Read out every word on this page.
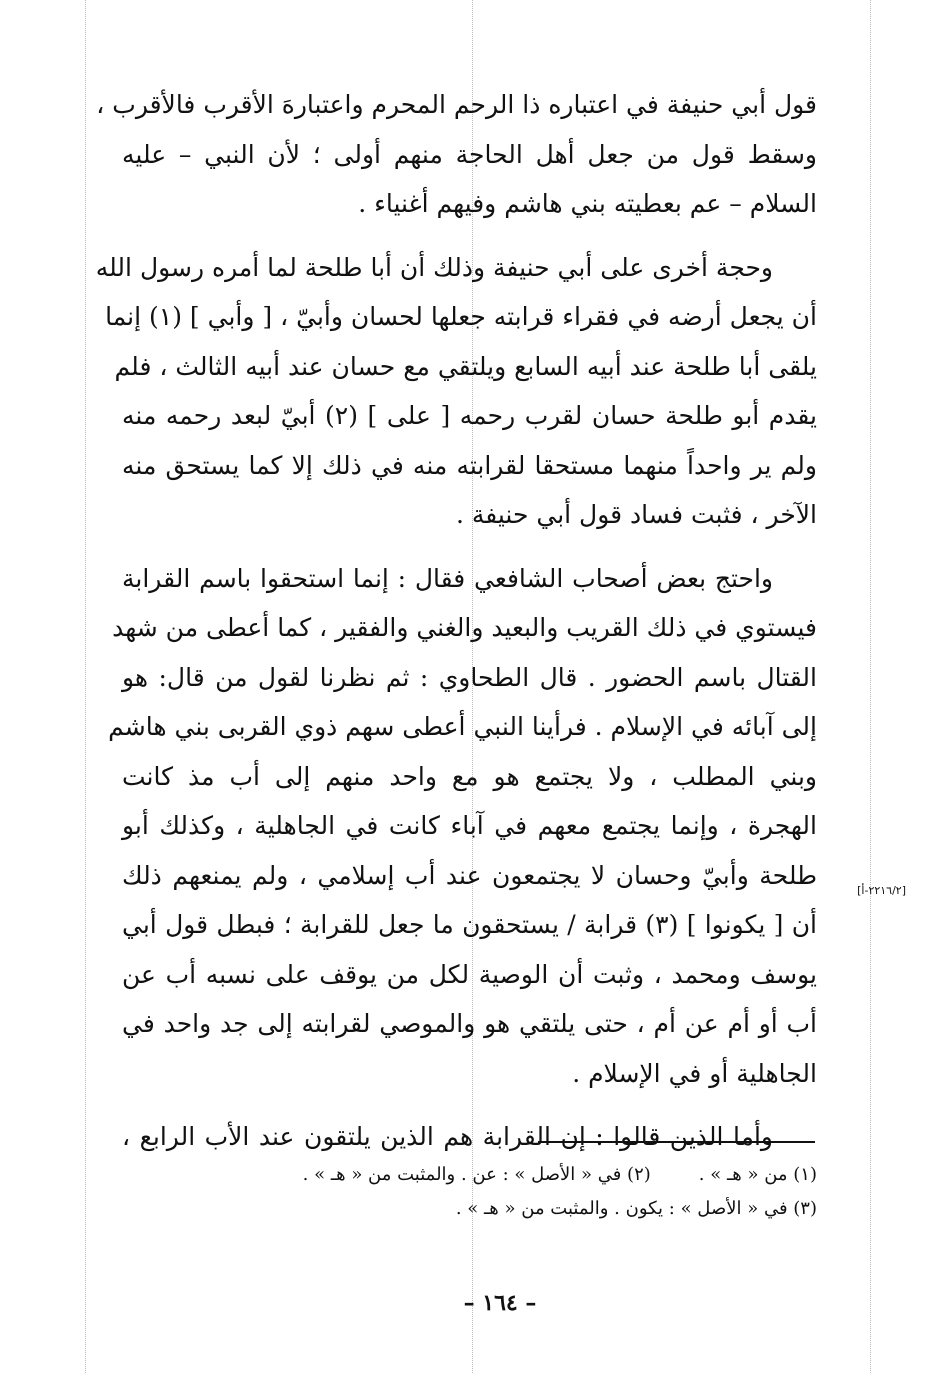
قول أبي حنيفة في اعتباره ذا الرحم المحرم واعتبارهَ الأقرب فالأقرب ،
وسقط قول من جعل أهل الحاجة منهم أولى ؛ لأن النبي – عليه
السلام – عم بعطيته بني هاشم وفيهم أغنياء .
وحجة أخرى على أبي حنيفة وذلك أن أبا طلحة لما أمره رسول الله
أن يجعل أرضه في فقراء قرابته جعلها لحسان وأبيّ ، [ وأبي ] (١) إنما
يلقى أبا طلحة عند أبيه السابع ويلتقي مع حسان عند أبيه الثالث ، فلم
يقدم أبو طلحة حسان لقرب رحمه [ على ] (٢) أبيّ لبعد رحمه منه
ولم ير واحداً منهما مستحقا لقرابته منه في ذلك إلا كما يستحق منه
الآخر ، فثبت فساد قول أبي حنيفة .
واحتج بعض أصحاب الشافعي فقال : إنما استحقوا باسم القرابة
فيستوي في ذلك القريب والبعيد والغني والفقير ، كما أعطى من شهد
القتال باسم الحضور . قال الطحاوي : ثم نظرنا لقول من قال: هو
إلى آبائه في الإسلام . فرأينا النبي أعطى سهم ذوي القربى بني هاشم
وبني المطلب ، ولا يجتمع هو مع واحد منهم إلى أب مذ كانت
الهجرة ، وإنما يجتمع معهم في آباء كانت في الجاهلية ، وكذلك أبو
طلحة وأبيّ وحسان لا يجتمعون عند أب إسلامي ، ولم يمنعهم ذلك
أن [ يكونوا ] (٣) قرابة / يستحقون ما جعل للقرابة ؛ فبطل قول أبي
يوسف ومحمد ، وثبت أن الوصية لكل من يوقف على نسبه أب عن
أب أو أم عن أم ، حتى يلتقي هو والموصي لقرابته إلى جد واحد في
الجاهلية أو في الإسلام .
وأما الذين قالوا : إن القرابة هم الذين يلتقون عند الأب الرابع ،
[٢٢١٦/٢-أ]
(١) من « هـ » .(٢) في « الأصل » : عن . والمثبت من « هـ » .
(٣) في « الأصل » : يكون . والمثبت من « هـ » .
– ١٦٤ –
